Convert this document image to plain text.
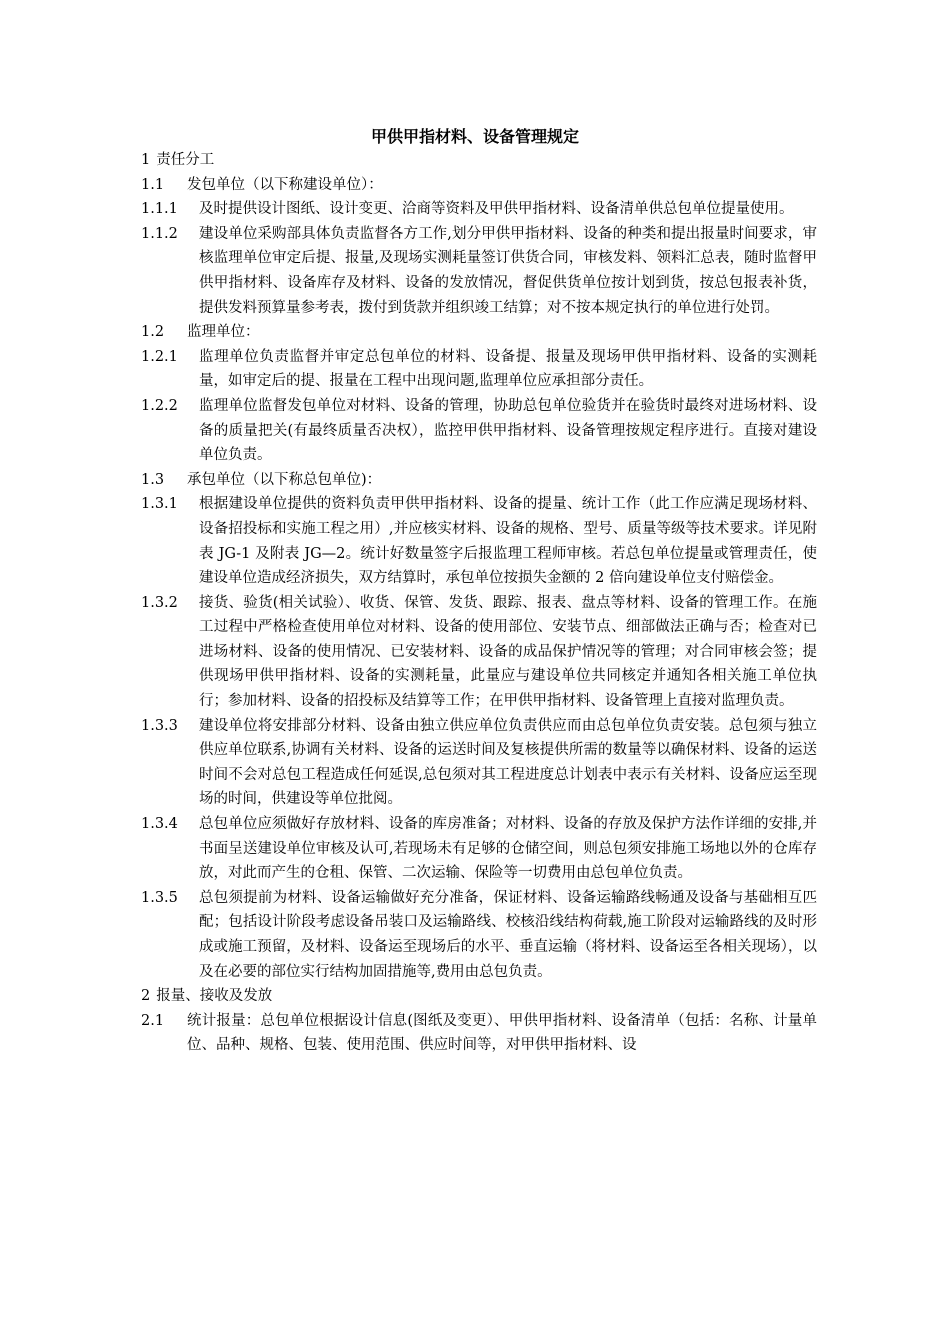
甲供甲指材料、设备管理规定
1 责任分工
1.1	发包单位（以下称建设单位）：
1.1.1	及时提供设计图纸、设计变更、洽商等资料及甲供甲指材料、设备清单供总包单位提量使用。
1.1.2	建设单位采购部具体负责监督各方工作,划分甲供甲指材料、设备的种类和提出报量时间要求，审核监理单位审定后提、报量,及现场实测耗量签订供货合同，审核发料、领料汇总表，随时监督甲供甲指材料、设备库存及材料、设备的发放情况，督促供货单位按计划到货，按总包报表补货，提供发料预算量参考表，拨付到货款并组织竣工结算；对不按本规定执行的单位进行处罚。
1.2	监理单位：
1.2.1	监理单位负责监督并审定总包单位的材料、设备提、报量及现场甲供甲指材料、设备的实测耗量，如审定后的提、报量在工程中出现问题,监理单位应承担部分责任。
1.2.2	监理单位监督发包单位对材料、设备的管理，协助总包单位验货并在验货时最终对进场材料、设备的质量把关(有最终质量否决权），监控甲供甲指材料、设备管理按规定程序进行。直接对建设单位负责。
1.3	承包单位（以下称总包单位)：
1.3.1	根据建设单位提供的资料负责甲供甲指材料、设备的提量、统计工作（此工作应满足现场材料、设备招投标和实施工程之用）,并应核实材料、设备的规格、型号、质量等级等技术要求。详见附表 JG-1 及附表 JG—2。统计好数量签字后报监理工程师审核。若总包单位提量或管理责任，使建设单位造成经济损失，双方结算时，承包单位按损失金额的 2 倍向建设单位支付赔偿金。
1.3.2	接货、验货(相关试验）、收货、保管、发货、跟踪、报表、盘点等材料、设备的管理工作。在施工过程中严格检查使用单位对材料、设备的使用部位、安装节点、细部做法正确与否；检查对已进场材料、设备的使用情况、已安装材料、设备的成品保护情况等的管理；对合同审核会签；提供现场甲供甲指材料、设备的实测耗量，此量应与建设单位共同核定并通知各相关施工单位执行；参加材料、设备的招投标及结算等工作；在甲供甲指材料、设备管理上直接对监理负责。
1.3.3	建设单位将安排部分材料、设备由独立供应单位负责供应而由总包单位负责安装。总包须与独立供应单位联系,协调有关材料、设备的运送时间及复核提供所需的数量等以确保材料、设备的运送时间不会对总包工程造成任何延误,总包须对其工程进度总计划表中表示有关材料、设备应运至现场的时间，供建设等单位批阅。
1.3.4	总包单位应须做好存放材料、设备的库房准备；对材料、设备的存放及保护方法作详细的安排,并书面呈送建设单位审核及认可,若现场未有足够的仓储空间，则总包须安排施工场地以外的仓库存放，对此而产生的仓租、保管、二次运输、保险等一切费用由总包单位负责。
1.3.5	总包须提前为材料、设备运输做好充分准备，保证材料、设备运输路线畅通及设备与基础相互匹配；包括设计阶段考虑设备吊装口及运输路线、校核沿线结构荷载,施工阶段对运输路线的及时形成或施工预留，及材料、设备运至现场后的水平、垂直运输（将材料、设备运至各相关现场），以及在必要的部位实行结构加固措施等,费用由总包负责。
2 报量、接收及发放
2.1	统计报量：总包单位根据设计信息(图纸及变更）、甲供甲指材料、设备清单（包括：名称、计量单位、品种、规格、包装、使用范围、供应时间等，对甲供甲指材料、设
